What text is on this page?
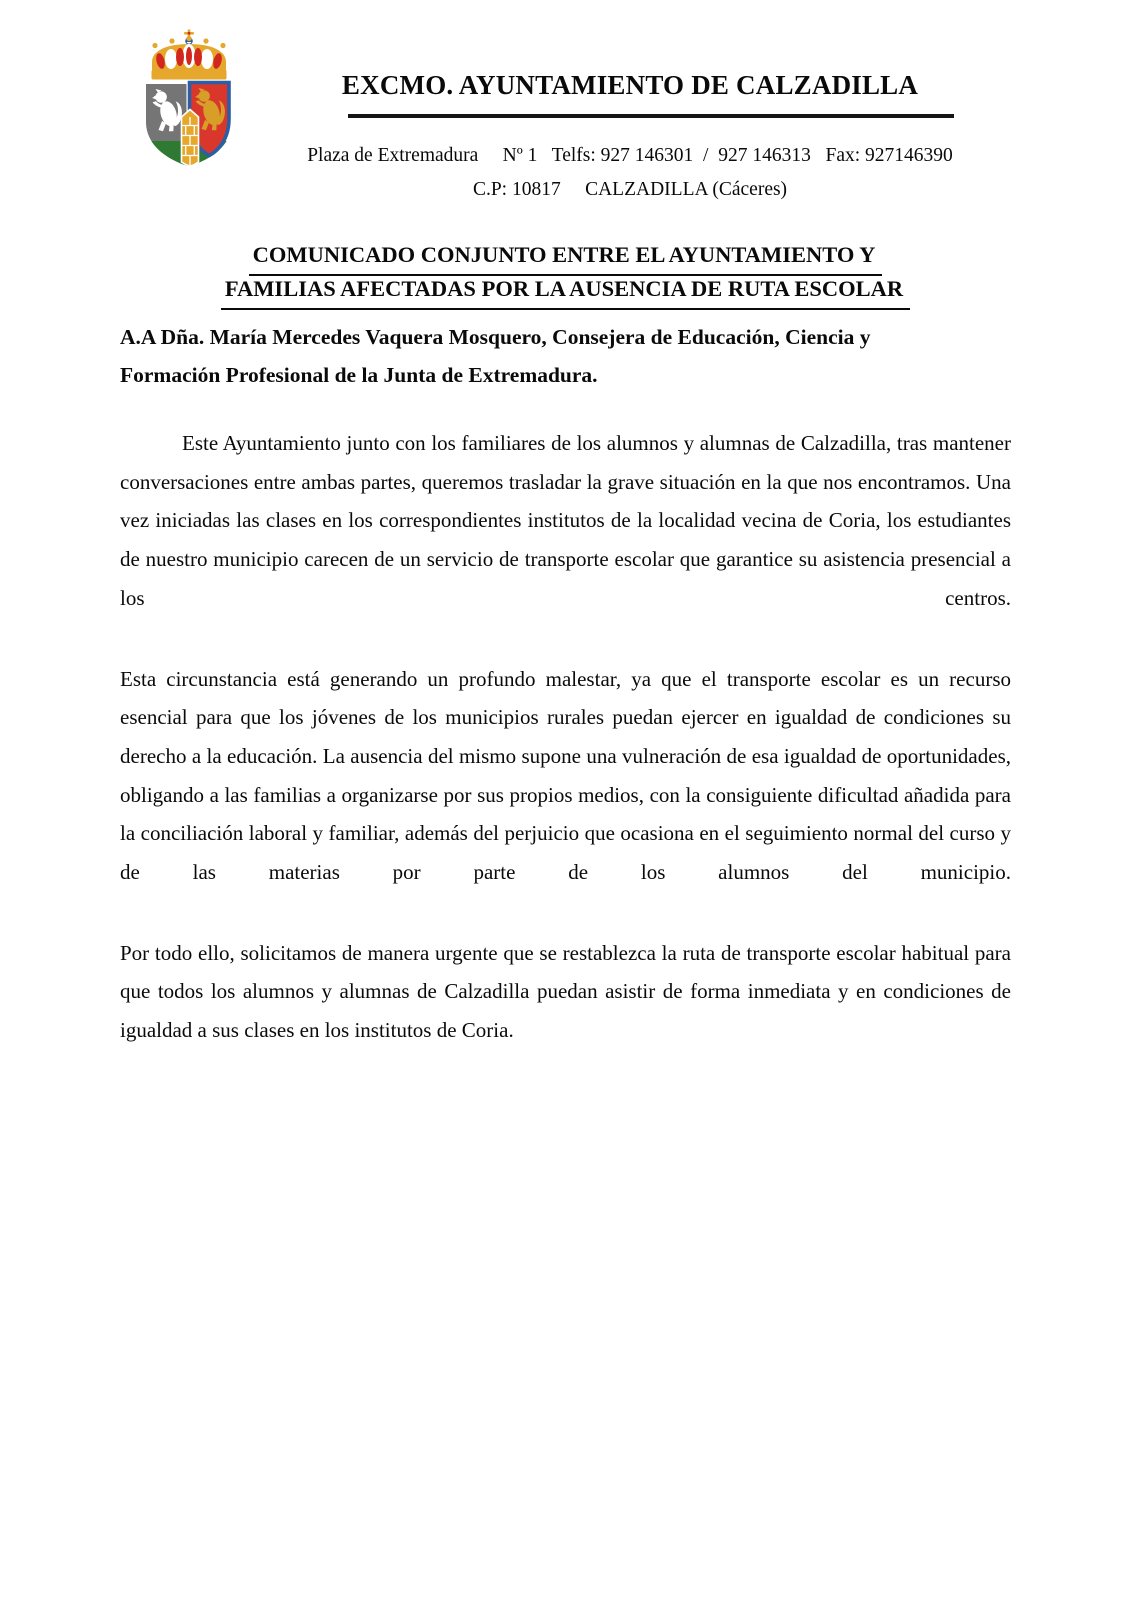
EXCMO. AYUNTAMIENTO DE CALZADILLA
Plaza de Extremadura     Nº 1   Telfs: 927 146301  /  927 146313   Fax: 927146390
C.P: 10817     CALZADILLA (Cáceres)
COMUNICADO CONJUNTO ENTRE EL AYUNTAMIENTO Y
FAMILIAS AFECTADAS POR LA AUSENCIA DE RUTA ESCOLAR
A.A Dña. María Mercedes Vaquera Mosquero, Consejera de Educación, Ciencia y
Formación Profesional de la Junta de Extremadura.

Este Ayuntamiento junto con los familiares de los alumnos y alumnas de Calzadilla, tras mantener conversaciones entre ambas partes, queremos trasladar la grave situación en la que nos encontramos. Una vez iniciadas las clases en los correspondientes institutos de la localidad vecina de Coria, los estudiantes de nuestro municipio carecen de un servicio de transporte escolar que garantice su asistencia presencial a los centros.

Esta circunstancia está generando un profundo malestar, ya que el transporte escolar es un recurso esencial para que los jóvenes de los municipios rurales puedan ejercer en igualdad de condiciones su derecho a la educación. La ausencia del mismo supone una vulneración de esa igualdad de oportunidades, obligando a las familias a organizarse por sus propios medios, con la consiguiente dificultad añadida para la conciliación laboral y familiar, además del perjuicio que ocasiona en el seguimiento normal del curso y de las materias por parte de los alumnos del municipio.

Por todo ello, solicitamos de manera urgente que se restablezca la ruta de transporte escolar habitual para que todos los alumnos y alumnas de Calzadilla puedan asistir de forma inmediata y en condiciones de igualdad a sus clases en los institutos de Coria.
